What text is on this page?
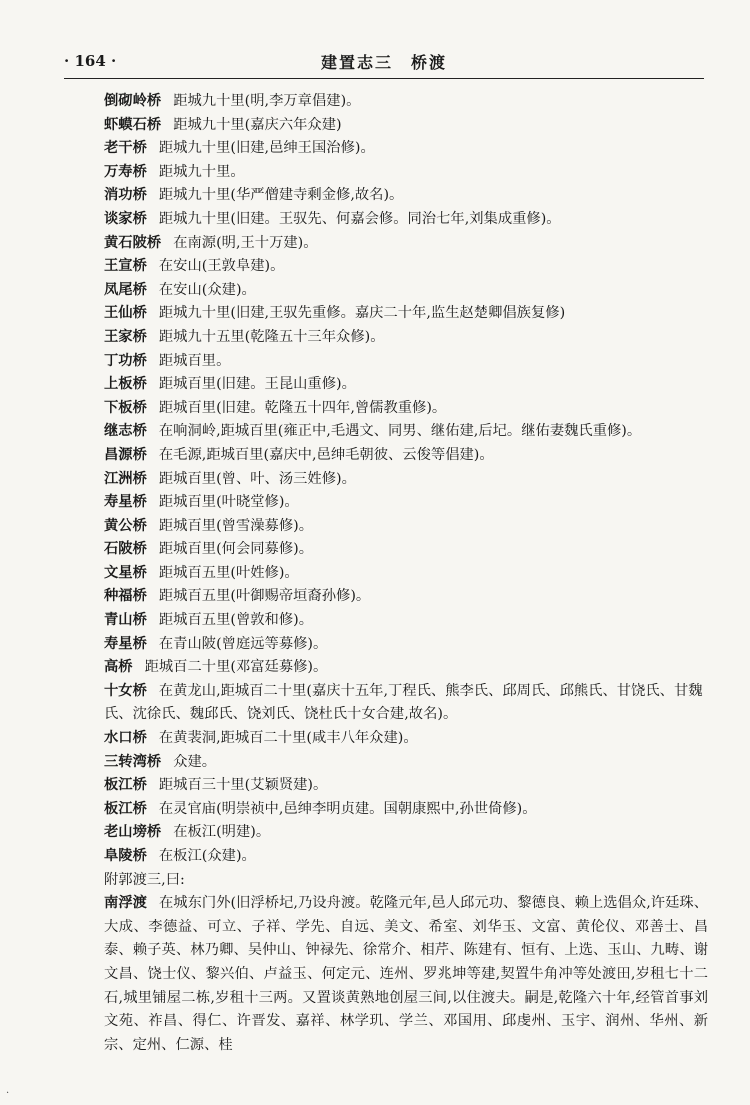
· 164 ·	建置志三　桥渡
倒砌岭桥 距城九十里(明,李万章倡建)。
虾蟆石桥 距城九十里(嘉庆六年众建)
老干桥 距城九十里(旧建,邑绅王国治修)。
万寿桥 距城九十里。
消功桥 距城九十里(华严僧建寺剩金修,故名)。
谈家桥 距城九十里(旧建。王驭先、何嘉会修。同治七年,刘集成重修)。
黄石陂桥 在南源(明,王十万建)。
王宣桥 在安山(王敦阜建)。
凤尾桥 在安山(众建)。
王仙桥 距城九十里(旧建,王驭先重修。嘉庆二十年,监生赵楚卿倡族复修)
王家桥 距城九十五里(乾隆五十三年众修)。
丁功桥 距城百里。
上板桥 距城百里(旧建。王昆山重修)。
下板桥 距城百里(旧建。乾隆五十四年,曾儒教重修)。
继志桥 在响洞岭,距城百里(雍正中,毛遇文、同男、继佑建,后圮。继佑妻魏氏重修)。
昌源桥 在毛源,距城百里(嘉庆中,邑绅毛朝彼、云俊等倡建)。
江洲桥 距城百里(曾、叶、汤三姓修)。
寿星桥 距城百里(叶晓堂修)。
黄公桥 距城百里(曾雪澡募修)。
石陂桥 距城百里(何会同募修)。
文星桥 距城百五里(叶姓修)。
种福桥 距城百五里(叶御赐帝垣裔孙修)。
青山桥 距城百五里(曾敦和修)。
寿星桥 在青山陂(曾庭远等募修)。
高桥 距城百二十里(邓富廷募修)。
十女桥 在黄龙山,距城百二十里(嘉庆十五年,丁程氏、熊李氏、邱周氏、邱熊氏、甘饶氏、甘魏氏、沈徐氏、魏邱氏、饶刘氏、饶杜氏十女合建,故名)。
水口桥 在黄裴洞,距城百二十里(咸丰八年众建)。
三转湾桥 众建。
板江桥 距城百三十里(艾颖贤建)。
板江桥 在灵官庙(明崇祯中,邑绅李明贞建。国朝康熙中,孙世倚修)。
老山塝桥 在板江(明建)。
阜陵桥 在板江(众建)。
附郭渡三,曰:
南浮渡 在城东门外(旧浮桥圮,乃设舟渡。乾隆元年,邑人邱元功、黎德良、赖上选倡众,许廷珠、大成、李德益、可立、子祥、学先、自远、美文、希室、刘华玉、文富、黄伦仪、邓善士、昌泰、赖子英、林乃卿、吴仲山、钟禄先、徐常介、相芹、陈建有、恒有、上选、玉山、九畴、谢文昌、饶士仪、黎兴伯、卢益玉、何定元、连州、罗兆坤等建,契置牛角冲等处渡田,岁租七十二石,城里铺屋二栋,岁租十三两。又置谈黄熟地创屋三间,以住渡夫。嗣是,乾隆六十年,经管首事刘文苑、祚昌、得仁、许晋发、嘉祥、林学玑、学兰、邓国用、邱虔州、玉宇、润州、华州、新宗、定州、仁源、桂
·
